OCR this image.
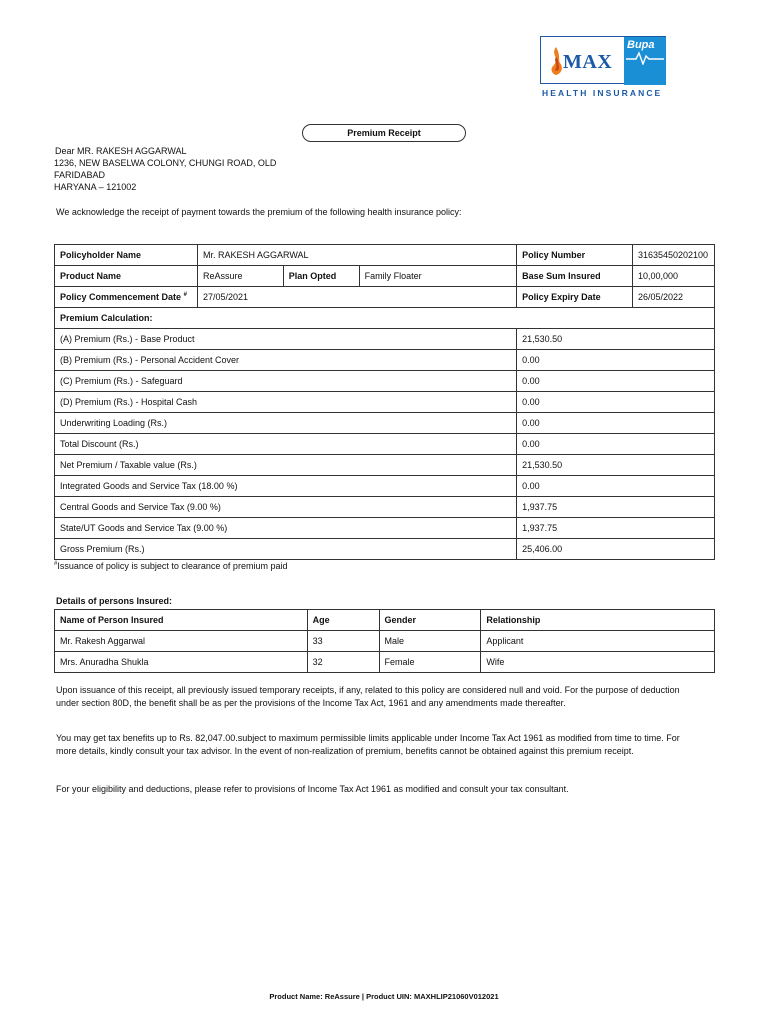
MAX
Bupa
HEALTH INSURANCE
Premium Receipt
Dear MR. RAKESH AGGARWAL
1236, NEW BASELWA COLONY, CHUNGI ROAD, OLD
FARIDABAD
HARYANA – 121002
We acknowledge the receipt of payment towards the premium of the following health insurance policy:
Policyholder Name	Mr. RAKESH AGGARWAL			Policy Number	31635450202100
Product Name	ReAssure	Plan Opted	Family Floater	Base Sum Insured	10,00,000
Policy Commencement Date #	27/05/2021			Policy Expiry Date	26/05/2022
Premium Calculation:					
(A) Premium (Rs.) - Base Product				21,530.50	
(B) Premium (Rs.) - Personal Accident Cover				0.00	
(C) Premium (Rs.) - Safeguard				0.00	
(D) Premium (Rs.) - Hospital Cash				0.00	
Underwriting Loading (Rs.)				0.00	
Total Discount (Rs.)				0.00	
Net Premium / Taxable value (Rs.)				21,530.50	
Integrated Goods and Service Tax (18.00 %)				0.00	
Central Goods and Service Tax (9.00 %)				1,937.75	
State/UT Goods and Service Tax (9.00 %)				1,937.75	
Gross Premium (Rs.)				25,406.00	
#Issuance of policy is subject to clearance of premium paid
Details of persons Insured:
Name of Person Insured	Age	Gender	Relationship
Mr. Rakesh Aggarwal	33	Male	Applicant
Mrs. Anuradha Shukla	32	Female	Wife

Upon issuance of this receipt, all previously issued temporary receipts, if any, related to this policy are considered null and void. For the purpose of deduction under section 80D, the benefit shall be as per the provisions of the Income Tax Act, 1961 and any amendments made thereafter.

You may get tax benefits up to Rs. 82,047.00.subject to maximum permissible limits applicable under Income Tax Act 1961 as modified from time to time. For more details, kindly consult your tax advisor. In the event of non-realization of premium, benefits cannot be obtained against this premium receipt.

For your eligibility and deductions, please refer to provisions of Income Tax Act 1961 as modified and consult your tax consultant.

Product Name: ReAssure | Product UIN: MAXHLIP21060V012021
